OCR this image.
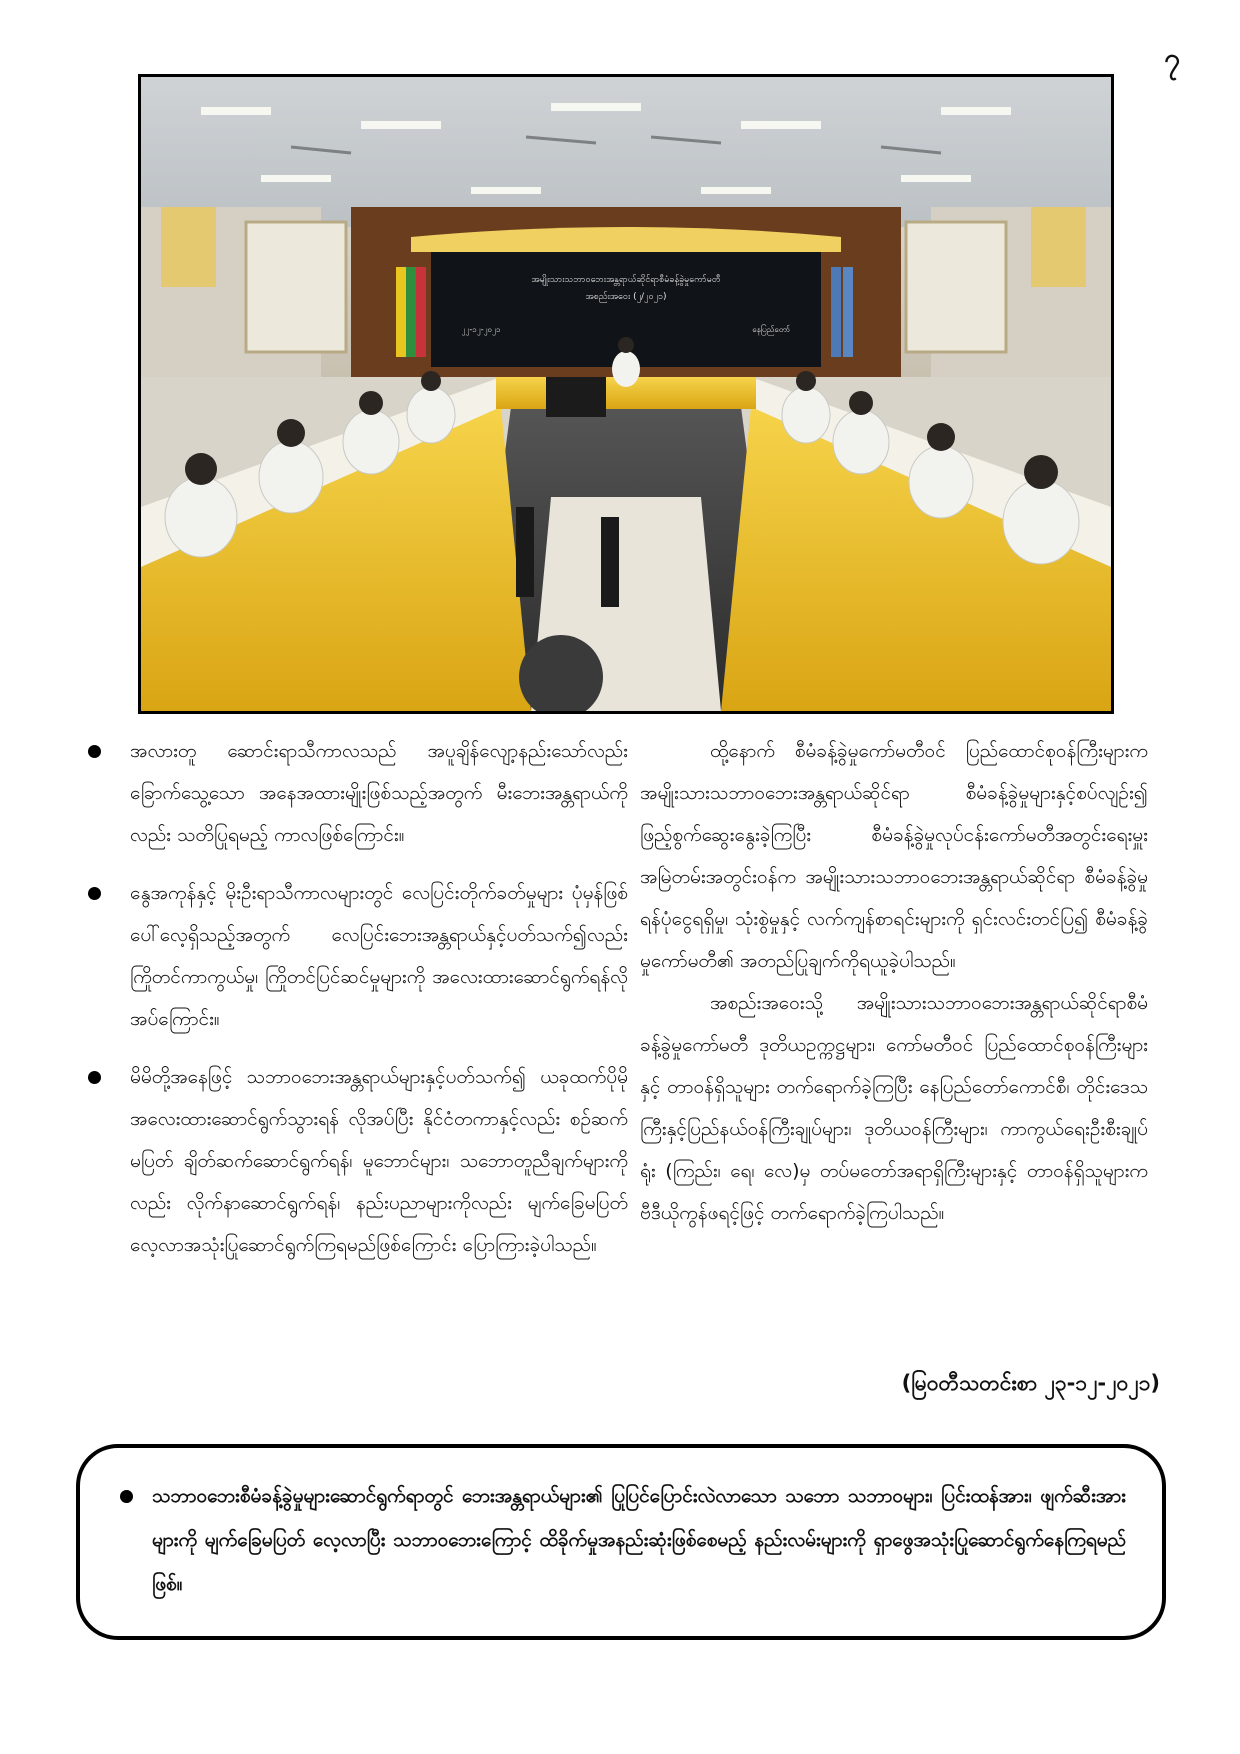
၇
အမျိုးသားသဘာဝဘေးအန္တရာယ်ဆိုင်ရာစီမံခန့်ခွဲမှုကော်မတီ
အစည်းအဝေး (၂/၂၀၂၁)
၂၂-၁၂-၂၀၂၁	နေပြည်တော်
အလားတူ ဆောင်းရာသီကာလသည် အပူချိန်လျော့နည်းသော်လည်း ခြောက်သွေ့သော အနေအထားမျိုးဖြစ်သည့်အတွက် မီးဘေးအန္တရာယ်ကိုလည်း သတိပြုရမည့် ကာလဖြစ်ကြောင်း။
နွေအကုန်နှင့် မိုးဦးရာသီကာလများတွင် လေပြင်းတိုက်ခတ်မှုများ ပုံမှန်ဖြစ်ပေါ်လေ့ရှိသည့်အတွက် လေပြင်းဘေးအန္တရာယ်နှင့်ပတ်သက်၍လည်း ကြိုတင်ကာကွယ်မှု၊ ကြိုတင်ပြင်ဆင်မှုများကို အလေးထားဆောင်ရွက်ရန်လိုအပ်ကြောင်း။
မိမိတို့အနေဖြင့် သဘာဝဘေးအန္တရာယ်များနှင့်ပတ်သက်၍ ယခုထက်ပိုမိုအလေးထားဆောင်ရွက်သွားရန် လိုအပ်ပြီး နိုင်ငံတကာနှင့်လည်း စဉ်ဆက်မပြတ် ချိတ်ဆက်ဆောင်ရွက်ရန်၊ မူဘောင်များ၊ သဘောတူညီချက်များကိုလည်း လိုက်နာဆောင်ရွက်ရန်၊ နည်းပညာများကိုလည်း မျက်ခြေမပြတ် လေ့လာအသုံးပြုဆောင်ရွက်ကြရမည်ဖြစ်ကြောင်း ပြောကြားခဲ့ပါသည်။

ထို့နောက် စီမံခန့်ခွဲမှုကော်မတီဝင် ပြည်ထောင်စုဝန်ကြီးများက အမျိုးသားသဘာဝဘေးအန္တရာယ်ဆိုင်ရာ စီမံခန့်ခွဲမှုများနှင့်စပ်လျဉ်း၍ ဖြည့်စွက်ဆွေးနွေးခဲ့ကြပြီး စီမံခန့်ခွဲမှုလုပ်ငန်းကော်မတီအတွင်းရေးမှူး အမြဲတမ်းအတွင်းဝန်က အမျိုးသားသဘာဝဘေးအန္တရာယ်ဆိုင်ရာ စီမံခန့်ခွဲမှုရန်ပုံငွေရရှိမှု၊ သုံးစွဲမှုနှင့် လက်ကျန်စာရင်းများကို ရှင်းလင်းတင်ပြ၍ စီမံခန့်ခွဲမှုကော်မတီ၏ အတည်ပြုချက်ကိုရယူခဲ့ပါသည်။

အစည်းအဝေးသို့ အမျိုးသားသဘာဝဘေးအန္တရာယ်ဆိုင်ရာစီမံခန့်ခွဲမှုကော်မတီ ဒုတိယဥက္ကဋ္ဌများ၊ ကော်မတီဝင် ပြည်ထောင်စုဝန်ကြီးများနှင့် တာဝန်ရှိသူများ တက်ရောက်ခဲ့ကြပြီး နေပြည်တော်ကောင်စီ၊ တိုင်းဒေသကြီးနှင့်ပြည်နယ်ဝန်ကြီးချုပ်များ၊ ဒုတိယဝန်ကြီးများ၊ ကာကွယ်ရေးဦးစီးချုပ်ရုံး (ကြည်း၊ ရေ၊ လေ)မှ တပ်မတော်အရာရှိကြီးများနှင့် တာဝန်ရှိသူများက ဗီဒီယိုကွန်ဖရင့်ဖြင့် တက်ရောက်ခဲ့ကြပါသည်။

(မြဝတီသတင်းစာ ၂၃-၁၂-၂၀၂၁)
သဘာဝဘေးစီမံခန့်ခွဲမှုများဆောင်ရွက်ရာတွင် ဘေးအန္တရာယ်များ၏ ပြုပြင်ပြောင်းလဲလာသော သဘော သဘာဝများ၊ ပြင်းထန်အား၊ ဖျက်ဆီးအားများကို မျက်ခြေမပြတ် လေ့လာပြီး သဘာဝဘေးကြောင့် ထိခိုက်မှုအနည်းဆုံးဖြစ်စေမည့် နည်းလမ်းများကို ရှာဖွေအသုံးပြုဆောင်ရွက်နေကြရမည်ဖြစ်။
